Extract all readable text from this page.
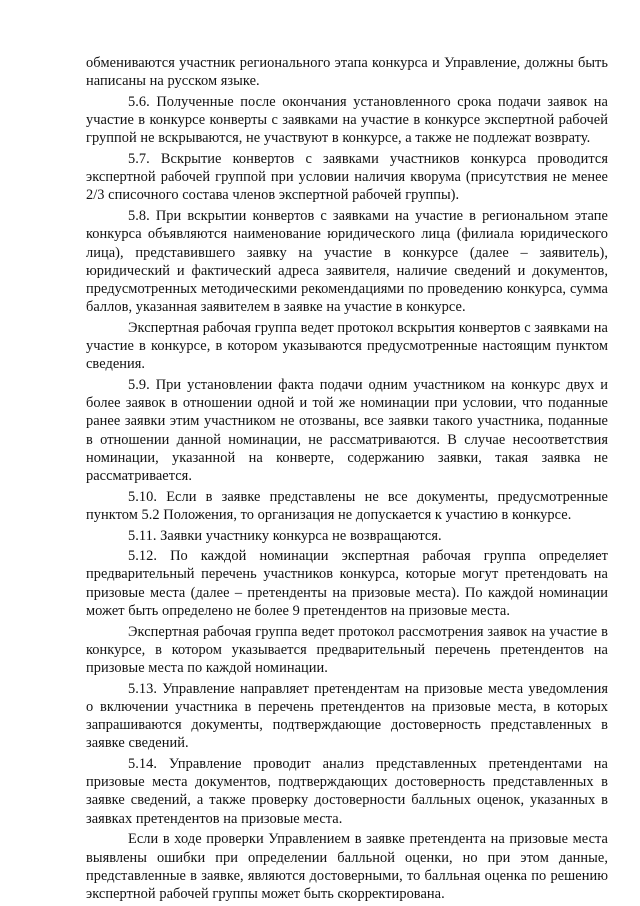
обмениваются участник регионального этапа конкурса и Управление, должны быть написаны на русском языке.

5.6. Полученные после окончания установленного срока подачи заявок на участие в конкурсе конверты с заявками на участие в конкурсе экспертной рабочей группой не вскрываются, не участвуют в конкурсе, а также не подлежат возврату.

5.7. Вскрытие конвертов с заявками участников конкурса проводится экспертной рабочей группой при условии наличия кворума (присутствия не менее 2/3 списочного состава членов экспертной рабочей группы).

5.8. При вскрытии конвертов с заявками на участие в региональном этапе конкурса объявляются наименование юридического лица (филиала юридического лица), представившего заявку на участие в конкурсе (далее – заявитель), юридический и фактический адреса заявителя, наличие сведений и документов, предусмотренных методическими рекомендациями по проведению конкурса, сумма баллов, указанная заявителем в заявке на участие в конкурсе.

Экспертная рабочая группа ведет протокол вскрытия конвертов с заявками на участие в конкурсе, в котором указываются предусмотренные настоящим пунктом сведения.

5.9. При установлении факта подачи одним участником на конкурс двух и более заявок в отношении одной и той же номинации при условии, что поданные ранее заявки этим участником не отозваны, все заявки такого участника, поданные в отношении данной номинации, не рассматриваются. В случае несоответствия номинации, указанной на конверте, содержанию заявки, такая заявка не рассматривается.

5.10. Если в заявке представлены не все документы, предусмотренные пунктом 5.2 Положения, то организация не допускается к участию в конкурсе.

5.11. Заявки участнику конкурса не возвращаются.

5.12. По каждой номинации экспертная рабочая группа определяет предварительный перечень участников конкурса, которые могут претендовать на призовые места (далее – претенденты на призовые места). По каждой номинации может быть определено не более 9 претендентов на призовые места.

Экспертная рабочая группа ведет протокол рассмотрения заявок на участие в конкурсе, в котором указывается предварительный перечень претендентов на призовые места по каждой номинации.

5.13. Управление направляет претендентам на призовые места уведомления о включении участника в перечень претендентов на призовые места, в которых запрашиваются документы, подтверждающие достоверность представленных в заявке сведений.

5.14. Управление проводит анализ представленных претендентами на призовые места документов, подтверждающих достоверность представленных в заявке сведений, а также проверку достоверности балльных оценок, указанных в заявках претендентов на призовые места.

Если в ходе проверки Управлением в заявке претендента на призовые места выявлены ошибки при определении балльной оценки, но при этом данные, представленные в заявке, являются достоверными, то балльная оценка по решению экспертной рабочей группы может быть скорректирована.
